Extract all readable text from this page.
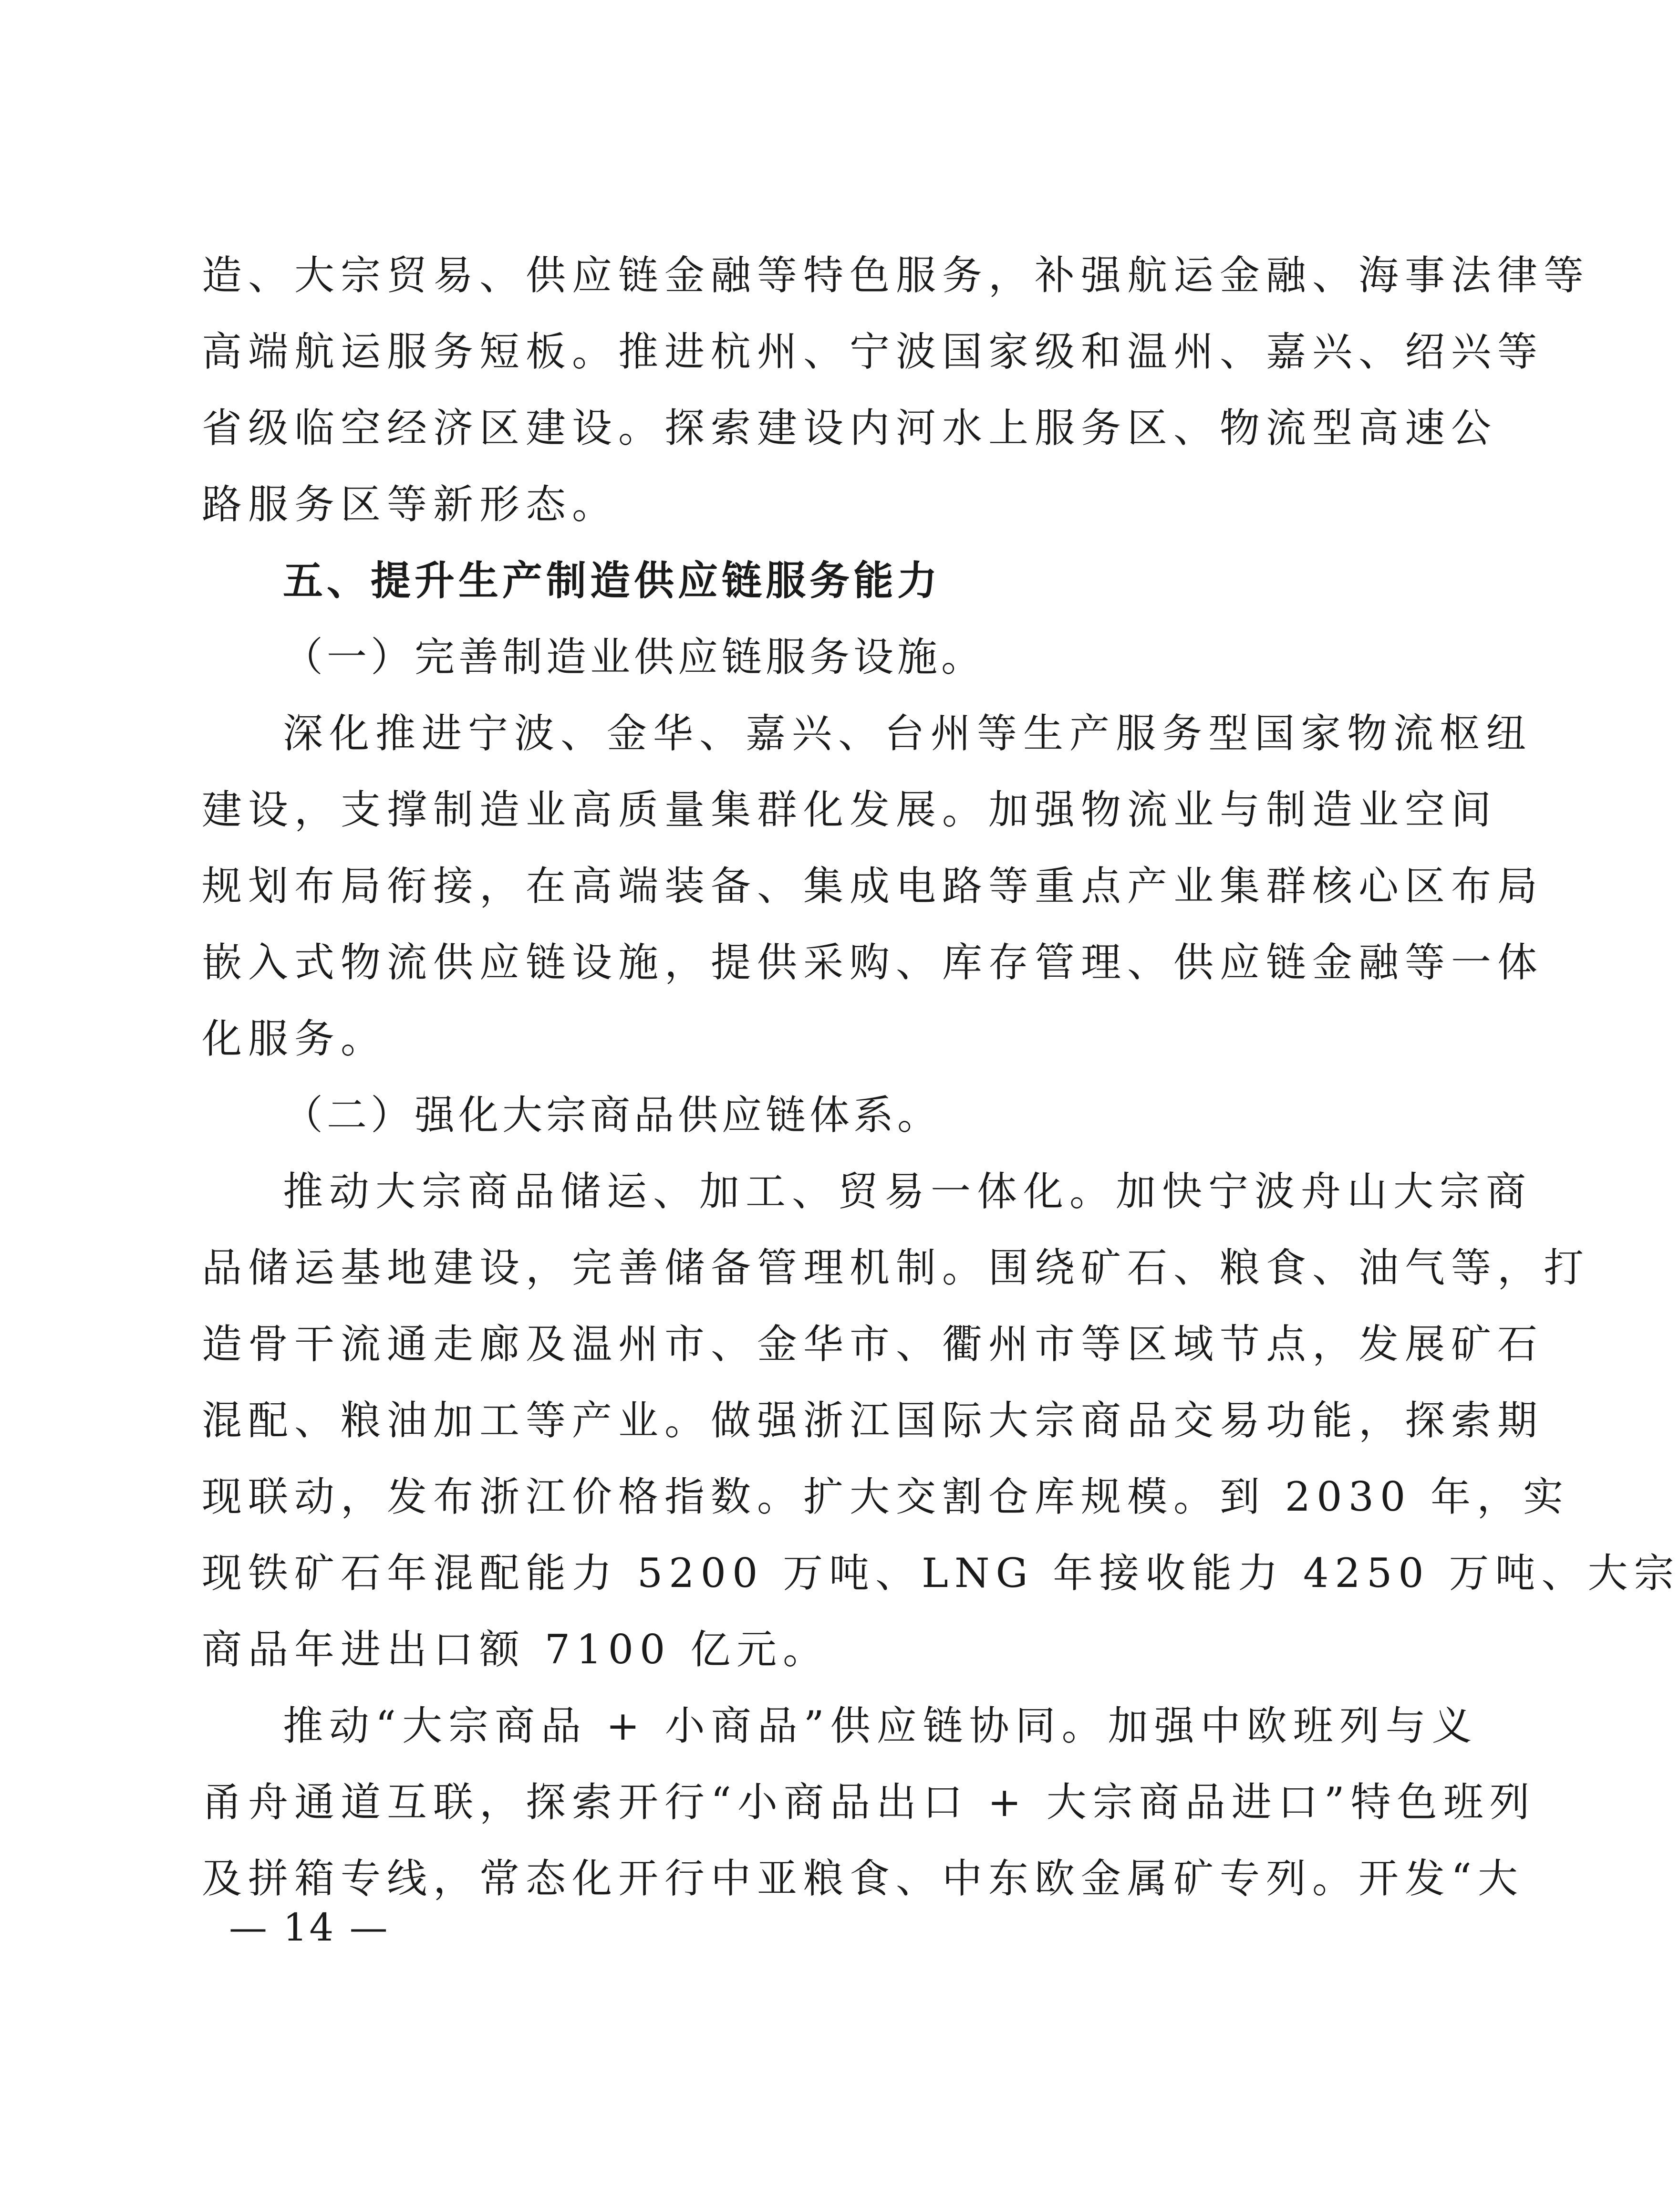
造、大宗贸易、供应链金融等特色服务，补强航运金融、海事法律等
高端航运服务短板。推进杭州、宁波国家级和温州、嘉兴、绍兴等
省级临空经济区建设。探索建设内河水上服务区、物流型高速公
路服务区等新形态。
五、提升生产制造供应链服务能力
（一）完善制造业供应链服务设施。
深化推进宁波、金华、嘉兴、台州等生产服务型国家物流枢纽
建设，支撑制造业高质量集群化发展。加强物流业与制造业空间
规划布局衔接，在高端装备、集成电路等重点产业集群核心区布局
嵌入式物流供应链设施，提供采购、库存管理、供应链金融等一体
化服务。
（二）强化大宗商品供应链体系。
推动大宗商品储运、加工、贸易一体化。加快宁波舟山大宗商
品储运基地建设，完善储备管理机制。围绕矿石、粮食、油气等，打
造骨干流通走廊及温州市、金华市、衢州市等区域节点，发展矿石
混配、粮油加工等产业。做强浙江国际大宗商品交易功能，探索期
现联动，发布浙江价格指数。扩大交割仓库规模。到 2030 年，实
现铁矿石年混配能力 5200 万吨、LNG 年接收能力 4250 万吨、大宗
商品年进出口额 7100 亿元。
推动“大宗商品 + 小商品”供应链协同。加强中欧班列与义
甬舟通道互联，探索开行“小商品出口 + 大宗商品进口”特色班列
及拼箱专线，常态化开行中亚粮食、中东欧金属矿专列。开发“大
— 14 —
